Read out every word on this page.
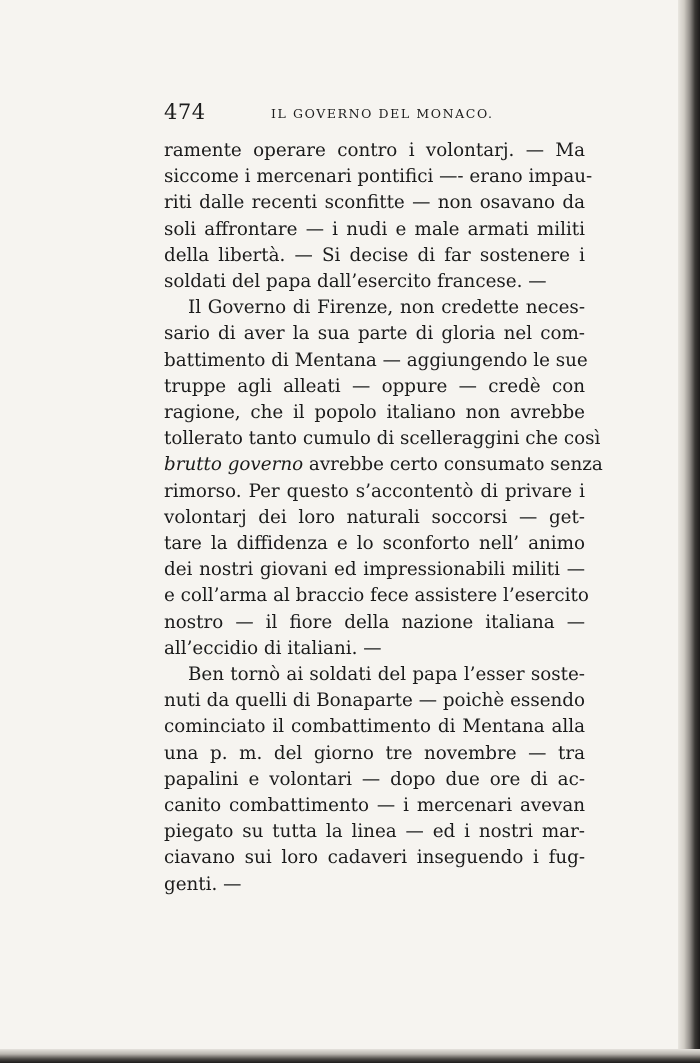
474	IL GOVERNO DEL MONACO.
ramente operare contro i volontarj. — Ma
siccome i mercenari pontifici —- erano impau-
riti dalle recenti sconfitte — non osavano da
soli affrontare — i nudi e male armati militi
della libertà. — Si decise di far sostenere i
soldati del papa dall’esercito francese. —
Il Governo di Firenze, non credette neces-
sario di aver la sua parte di gloria nel com-
battimento di Mentana — aggiungendo le sue
truppe agli alleati — oppure — credè con
ragione, che il popolo italiano non avrebbe
tollerato tanto cumulo di scelleraggini che così
brutto governo avrebbe certo consumato senza
rimorso. Per questo s’accontentò di privare i
volontarj dei loro naturali soccorsi — get-
tare la diffidenza e lo sconforto nell’ animo
dei nostri giovani ed impressionabili militi —
e coll’arma al braccio fece assistere l’esercito
nostro — il fiore della nazione italiana —
all’eccidio di italiani. —
Ben tornò ai soldati del papa l’esser soste-
nuti da quelli di Bonaparte — poichè essendo
cominciato il combattimento di Mentana alla
una p. m. del giorno tre novembre — tra
papalini e volontari — dopo due ore di ac-
canito combattimento — i mercenari avevan
piegato su tutta la linea — ed i nostri mar-
ciavano sui loro cadaveri inseguendo i fug-
genti. —
